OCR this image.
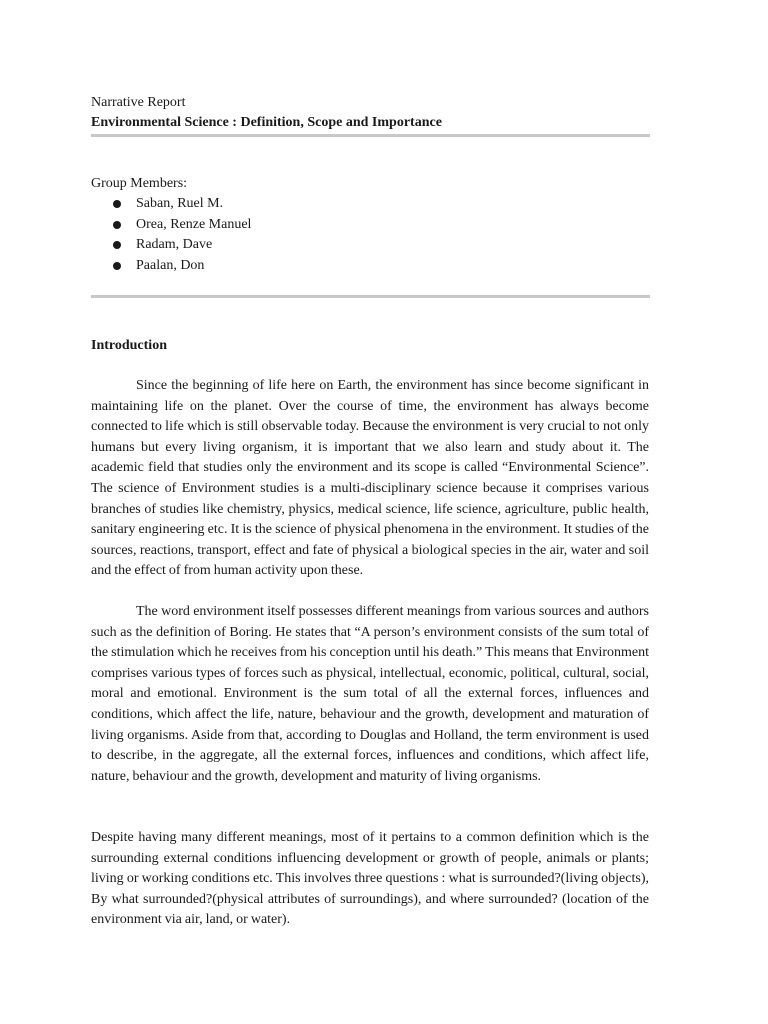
Narrative Report
Environmental Science : Definition, Scope and Importance
Group Members:
Saban, Ruel M.
Orea, Renze Manuel
Radam, Dave
Paalan, Don
Introduction

Since the beginning of life here on Earth, the environment has since become significant in maintaining life on the planet. Over the course of time, the environment has always become connected to life which is still observable today. Because the environment is very crucial to not only humans but every living organism, it is important that we also learn and study about it. The academic field that studies only the environment and its scope is called “Environmental Science”. The science of Environment studies is a multi-disciplinary science because it comprises various branches of studies like chemistry, physics, medical science, life science, agriculture, public health, sanitary engineering etc. It is the science of physical phenomena in the environment. It studies of the sources, reactions, transport, effect and fate of physical a biological species in the air, water and soil and the effect of from human activity upon these.

The word environment itself possesses different meanings from various sources and authors such as the definition of Boring. He states that “A person’s environment consists of the sum total of the stimulation which he receives from his conception until his death.” This means that Environment comprises various types of forces such as physical, intellectual, economic, political, cultural, social, moral and emotional. Environment is the sum total of all the external forces, influences and conditions, which affect the life, nature, behaviour and the growth, development and maturation of living organisms. Aside from that, according to Douglas and Holland, the term environment is used to describe, in the aggregate, all the external forces, influences and conditions, which affect life, nature, behaviour and the growth, development and maturity of living organisms.

Despite having many different meanings, most of it pertains to a common definition which is the surrounding external conditions influencing development or growth of people, animals or plants; living or working conditions etc. This involves three questions : what is surrounded?(living objects), By what surrounded?(physical attributes of surroundings), and where surrounded? (location of the environment via air, land, or water).
